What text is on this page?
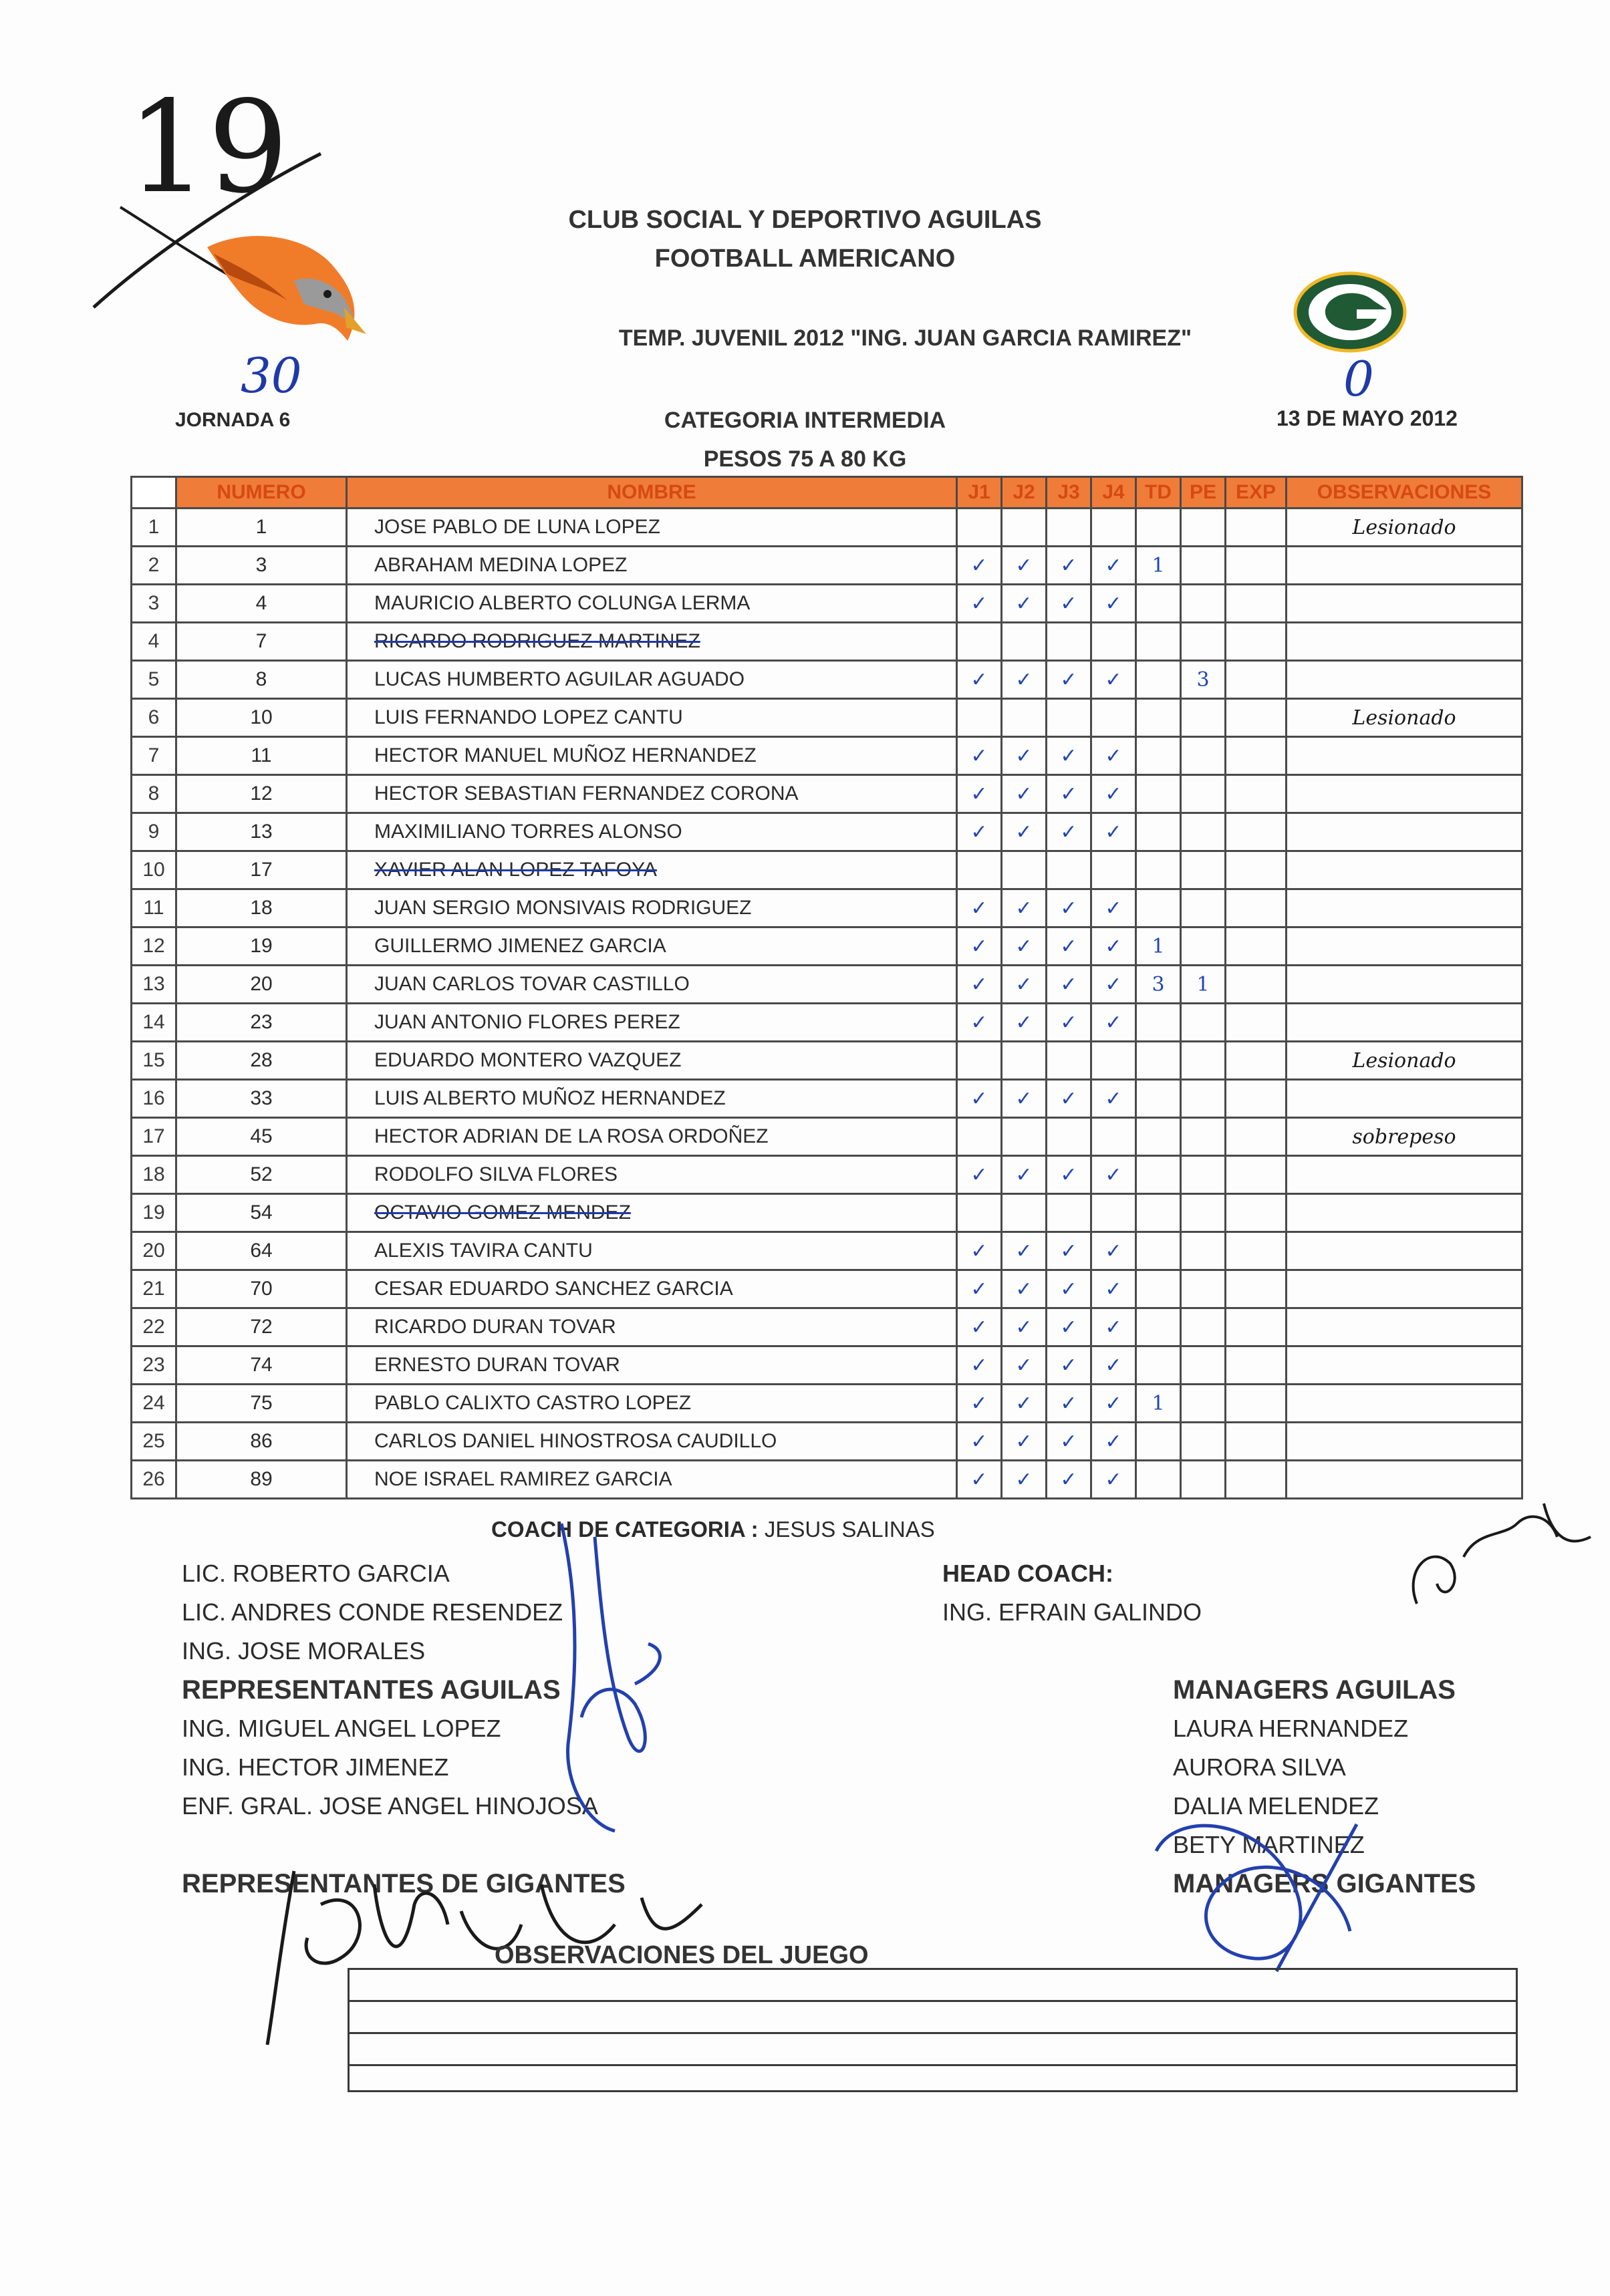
19
30	0
CLUB SOCIAL Y DEPORTIVO AGUILAS
FOOTBALL AMERICANO
TEMP. JUVENIL 2012 "ING. JUAN GARCIA RAMIREZ"
JORNADA 6	CATEGORIA INTERMEDIA
PESOS 75 A 80 KG
13 DE MAYO 2012
	NUMERO	NOMBRE	J1	J2	J3	J4	TD	PE	EXP	OBSERVACIONES
1	1	JOSE PABLO DE LUNA LOPEZ								Lesionado
2	3	ABRAHAM MEDINA LOPEZ	✓	✓	✓	✓	1			
3	4	MAURICIO ALBERTO COLUNGA LERMA	✓	✓	✓	✓				
4	7	RICARDO RODRIGUEZ MARTINEZ								
5	8	LUCAS HUMBERTO AGUILAR AGUADO	✓	✓	✓	✓		3		
6	10	LUIS FERNANDO LOPEZ CANTU								Lesionado
7	11	HECTOR MANUEL MUÑOZ HERNANDEZ	✓	✓	✓	✓				
8	12	HECTOR SEBASTIAN FERNANDEZ CORONA	✓	✓	✓	✓				
9	13	MAXIMILIANO TORRES ALONSO	✓	✓	✓	✓				
10	17	XAVIER ALAN LOPEZ TAFOYA								
11	18	JUAN SERGIO MONSIVAIS RODRIGUEZ	✓	✓	✓	✓				
12	19	GUILLERMO JIMENEZ GARCIA	✓	✓	✓	✓	1			
13	20	JUAN CARLOS TOVAR CASTILLO	✓	✓	✓	✓	3	1		
14	23	JUAN ANTONIO FLORES PEREZ	✓	✓	✓	✓				
15	28	EDUARDO MONTERO VAZQUEZ								Lesionado
16	33	LUIS ALBERTO MUÑOZ HERNANDEZ	✓	✓	✓	✓				
17	45	HECTOR ADRIAN DE LA ROSA ORDOÑEZ								sobrepeso
18	52	RODOLFO SILVA FLORES	✓	✓	✓	✓				
19	54	OCTAVIO GOMEZ MENDEZ								
20	64	ALEXIS TAVIRA CANTU	✓	✓	✓	✓				
21	70	CESAR EDUARDO SANCHEZ GARCIA	✓	✓	✓	✓				
22	72	RICARDO DURAN TOVAR	✓	✓	✓	✓				
23	74	ERNESTO DURAN TOVAR	✓	✓	✓	✓				
24	75	PABLO CALIXTO CASTRO LOPEZ	✓	✓	✓	✓	1			
25	86	CARLOS DANIEL HINOSTROSA CAUDILLO	✓	✓	✓	✓				
26	89	NOE ISRAEL RAMIREZ GARCIA	✓	✓	✓	✓				
COACH DE CATEGORIA : JESUS SALINAS
LIC. ROBERTO GARCIA
LIC. ANDRES CONDE RESENDEZ
ING. JOSE MORALES
REPRESENTANTES AGUILAS
ING. MIGUEL ANGEL LOPEZ
ING. HECTOR JIMENEZ
ENF. GRAL. JOSE ANGEL HINOJOSA
REPRESENTANTES DE GIGANTES
HEAD COACH:
ING. EFRAIN GALINDO
MANAGERS AGUILAS
LAURA HERNANDEZ
AURORA SILVA
DALIA MELENDEZ
BETY MARTINEZ
MANAGERS GIGANTES
OBSERVACIONES DEL JUEGO
